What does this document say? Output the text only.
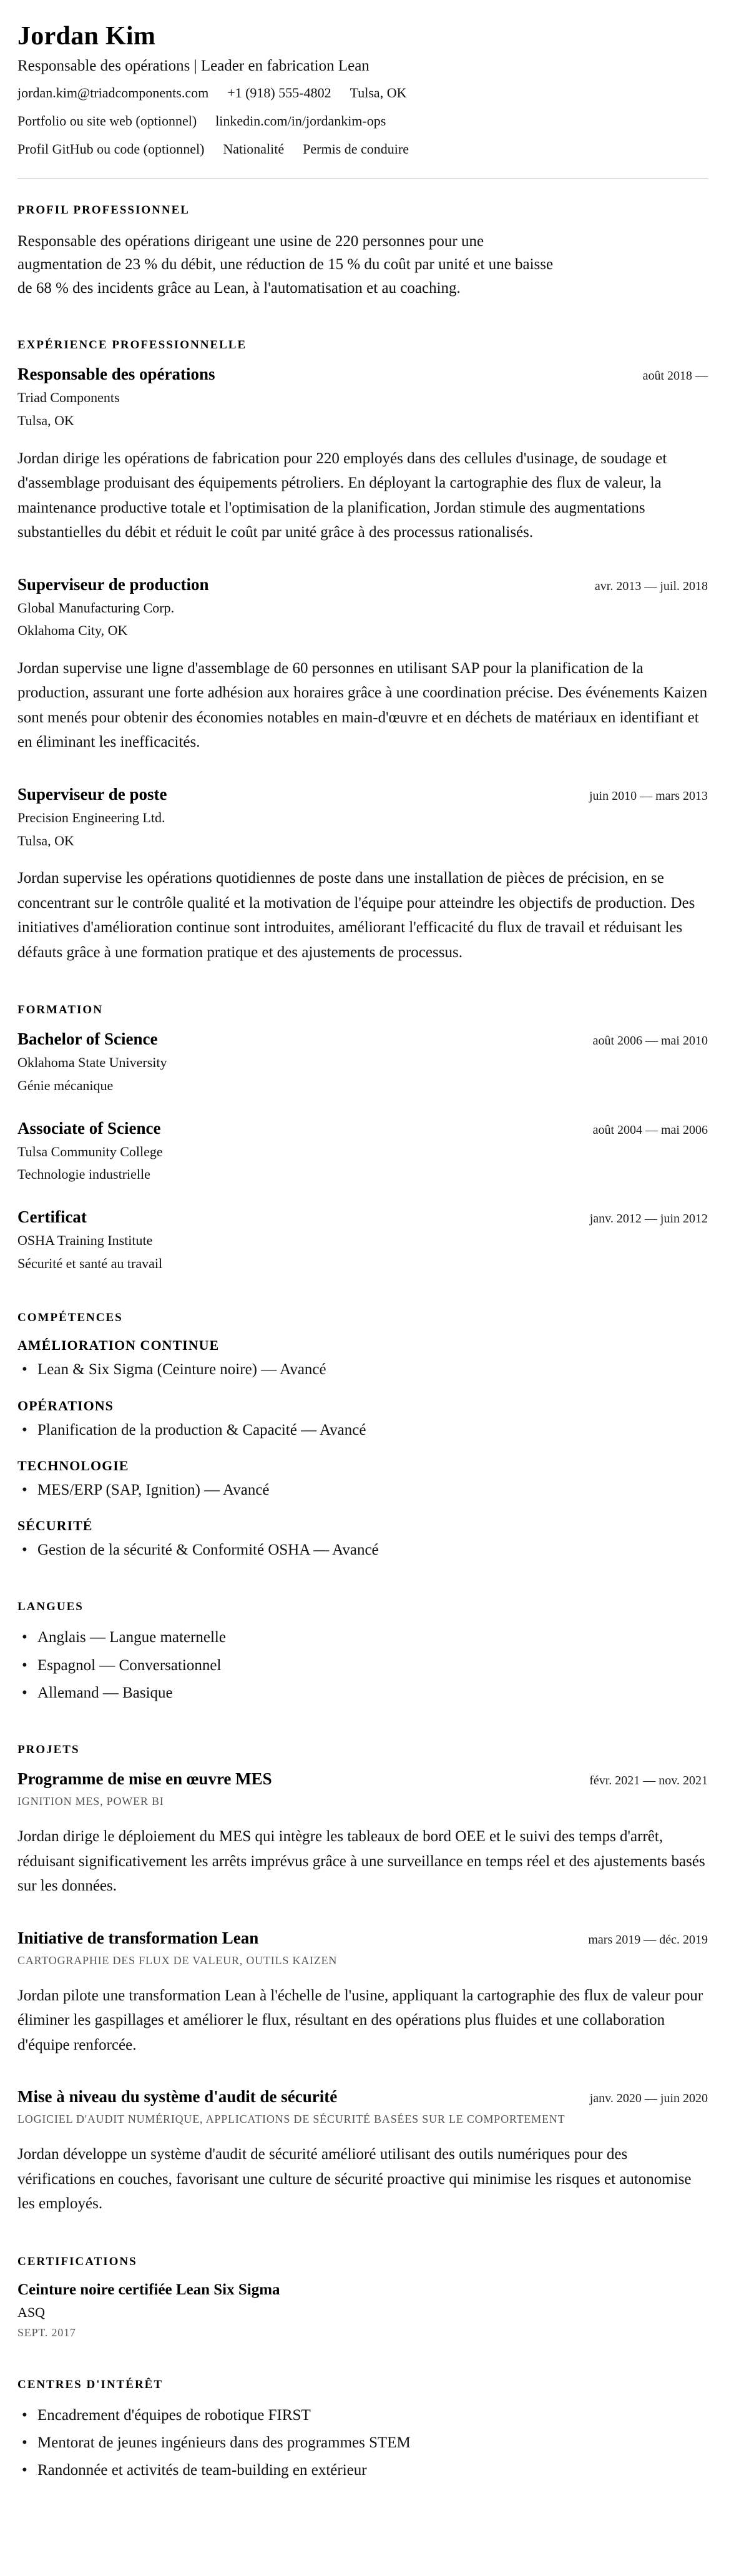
Jordan Kim

Responsable des opérations | Leader en fabrication Lean

jordan.kim@triadcomponents.com +1 (918) 555-4802 Tulsa, OK
Portfolio ou site web (optionnel) linkedin.com/in/jordankim-ops
Profil GitHub ou code (optionnel) Nationalité Permis de conduire
PROFIL PROFESSIONNEL

Responsable des opérations dirigeant une usine de 220 personnes pour une augmentation de 23 % du débit, une réduction de 15 % du coût par unité et une baisse de 68 % des incidents grâce au Lean, à l'automatisation et au coaching.

EXPÉRIENCE PROFESSIONNELLE
Responsable des opérations	août 2018 —
Triad Components
Tulsa, OK

Jordan dirige les opérations de fabrication pour 220 employés dans des cellules d'usinage, de soudage et d'assemblage produisant des équipements pétroliers. En déployant la cartographie des flux de valeur, la maintenance productive totale et l'optimisation de la planification, Jordan stimule des augmentations substantielles du débit et réduit le coût par unité grâce à des processus rationalisés.

Superviseur de production	avr. 2013 — juil. 2018
Global Manufacturing Corp.
Oklahoma City, OK

Jordan supervise une ligne d'assemblage de 60 personnes en utilisant SAP pour la planification de la production, assurant une forte adhésion aux horaires grâce à une coordination précise. Des événements Kaizen sont menés pour obtenir des économies notables en main-d'œuvre et en déchets de matériaux en identifiant et en éliminant les inefficacités.

Superviseur de poste	juin 2010 — mars 2013
Precision Engineering Ltd.
Tulsa, OK

Jordan supervise les opérations quotidiennes de poste dans une installation de pièces de précision, en se concentrant sur le contrôle qualité et la motivation de l'équipe pour atteindre les objectifs de production. Des initiatives d'amélioration continue sont introduites, améliorant l'efficacité du flux de travail et réduisant les défauts grâce à une formation pratique et des ajustements de processus.

FORMATION
Bachelor of Science	août 2006 — mai 2010
Oklahoma State University
Génie mécanique
Associate of Science	août 2004 — mai 2006
Tulsa Community College
Technologie industrielle
Certificat	janv. 2012 — juin 2012
OSHA Training Institute
Sécurité et santé au travail
COMPÉTENCES
AMÉLIORATION CONTINUE
• Lean & Six Sigma (Ceinture noire) — Avancé
OPÉRATIONS
• Planification de la production & Capacité — Avancé
TECHNOLOGIE
• MES/ERP (SAP, Ignition) — Avancé
SÉCURITÉ
• Gestion de la sécurité & Conformité OSHA — Avancé
LANGUES
• Anglais — Langue maternelle
• Espagnol — Conversationnel
• Allemand — Basique
PROJETS
Programme de mise en œuvre MES	févr. 2021 — nov. 2021
IGNITION MES, POWER BI

Jordan dirige le déploiement du MES qui intègre les tableaux de bord OEE et le suivi des temps d'arrêt, réduisant significativement les arrêts imprévus grâce à une surveillance en temps réel et des ajustements basés sur les données.

Initiative de transformation Lean	mars 2019 — déc. 2019
CARTOGRAPHIE DES FLUX DE VALEUR, OUTILS KAIZEN

Jordan pilote une transformation Lean à l'échelle de l'usine, appliquant la cartographie des flux de valeur pour éliminer les gaspillages et améliorer le flux, résultant en des opérations plus fluides et une collaboration d'équipe renforcée.

Mise à niveau du système d'audit de sécurité	janv. 2020 — juin 2020
LOGICIEL D'AUDIT NUMÉRIQUE, APPLICATIONS DE SÉCURITÉ BASÉES SUR LE COMPORTEMENT

Jordan développe un système d'audit de sécurité amélioré utilisant des outils numériques pour des vérifications en couches, favorisant une culture de sécurité proactive qui minimise les risques et autonomise les employés.

CERTIFICATIONS
Ceinture noire certifiée Lean Six Sigma
ASQ
SEPT. 2017
CENTRES D'INTÉRÊT
• Encadrement d'équipes de robotique FIRST
• Mentorat de jeunes ingénieurs dans des programmes STEM
• Randonnée et activités de team-building en extérieur
